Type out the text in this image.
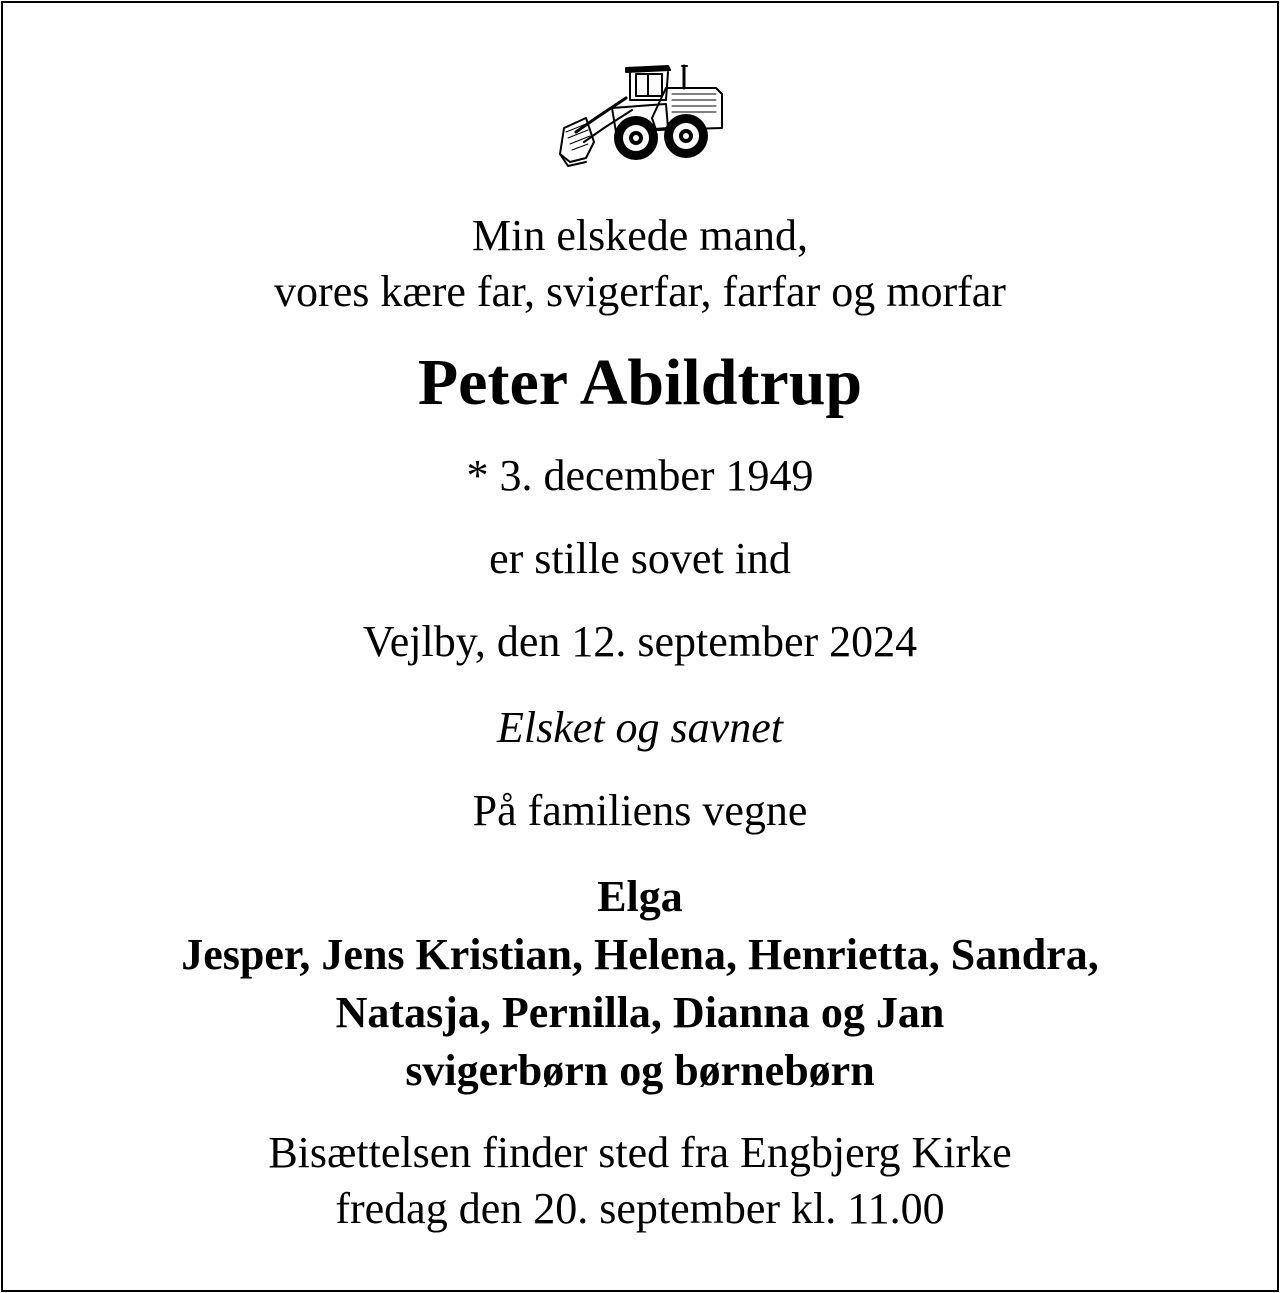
Min elskede mand,
vores kære far, svigerfar, farfar og morfar
Peter Abildtrup
* 3. december 1949
er stille sovet ind
Vejlby, den 12. september 2024
Elsket og savnet
På familiens vegne
Elga
Jesper, Jens Kristian, Helena, Henrietta, Sandra,
Natasja, Pernilla, Dianna og Jan
svigerbørn og børnebørn
Bisættelsen finder sted fra Engbjerg Kirke
fredag den 20. september kl. 11.00
